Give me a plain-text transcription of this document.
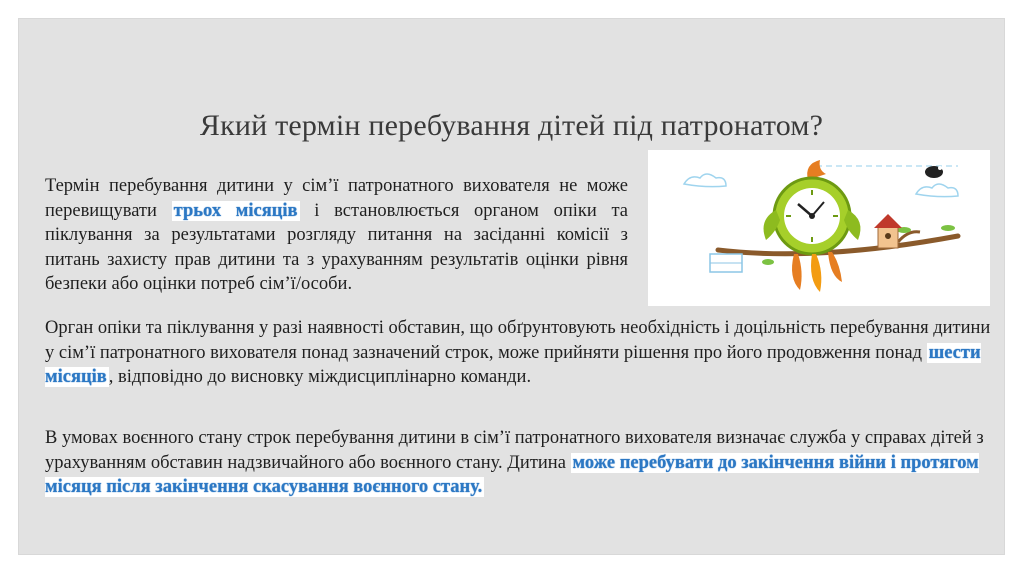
Який термін перебування дітей під патронатом?
Термін перебування дитини у сім’ї патронатного вихователя не може перевищувати трьох місяців і встановлюється органом опіки та піклування за результатами розгляду питання на засіданні комісії з питань захисту прав дитини та з урахуванням результатів оцінки рівня безпеки або оцінки потреб сім’ї/особи.
Орган опіки та піклування у разі наявності обставин, що обґрунтовують необхідність і доцільність перебування дитини у сім’ї патронатного вихователя понад зазначений строк, може прийняти рішення про його продовження понад шести місяців , відповідно до висновку міждисциплінарно команди.
В умовах воєнного стану строк перебування дитини в сім’ї патронатного вихователя визначає служба у справах дітей з урахуванням обставин надзвичайного або воєнного стану. Дитина може перебувати до закінчення війни і протягом місяця після закінчення скасування воєнного стану.
